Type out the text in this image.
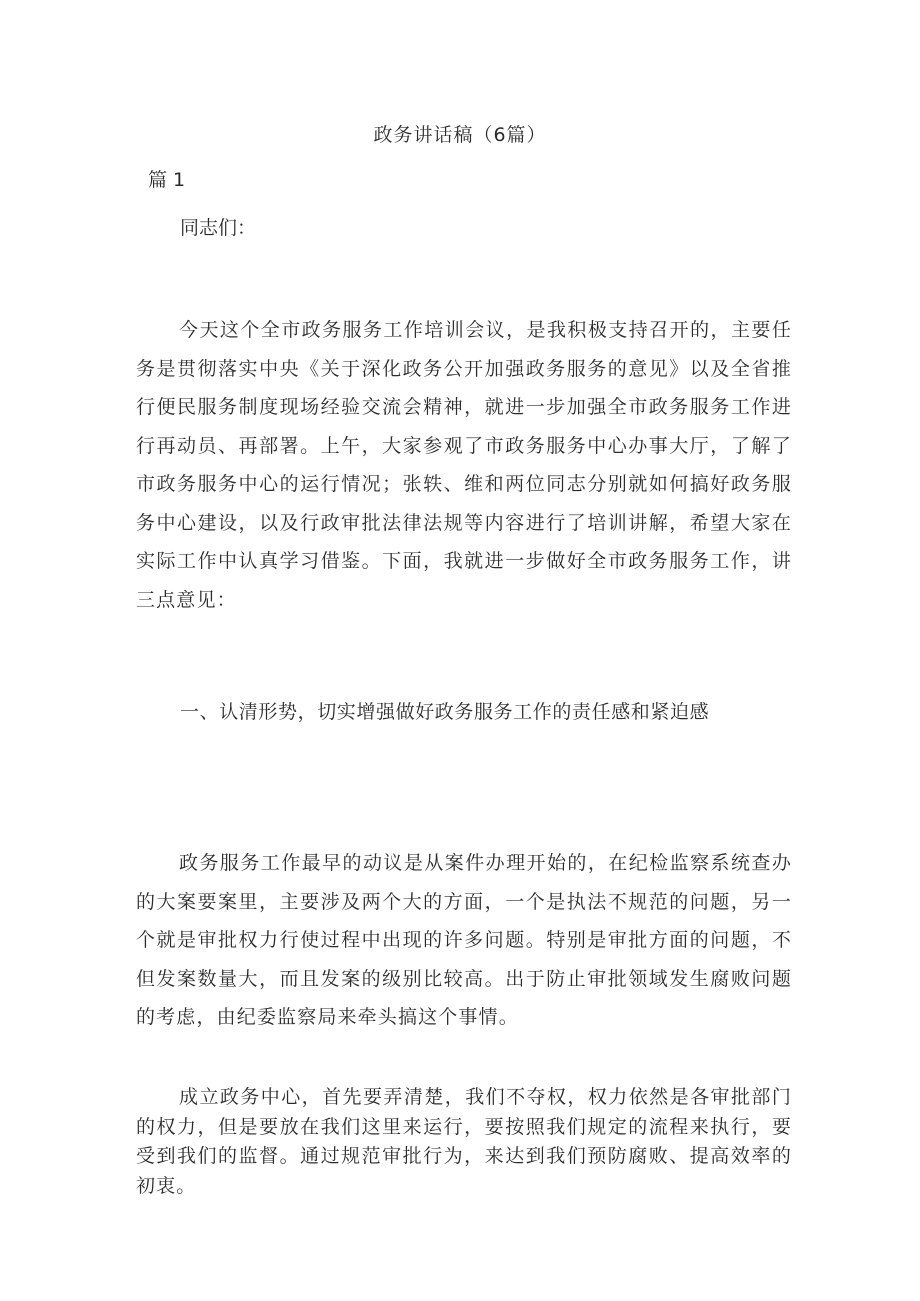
政务讲话稿（6篇）
篇 1
同志们：

今天这个全市政务服务工作培训会议，是我积极支持召开的，主要任务是贯彻落实中央《关于深化政务公开加强政务服务的意见》以及全省推行便民服务制度现场经验交流会精神，就进一步加强全市政务服务工作进行再动员、再部署。上午，大家参观了市政务服务中心办事大厅，了解了市政务服务中心的运行情况；张轶、维和两位同志分别就如何搞好政务服务中心建设，以及行政审批法律法规等内容进行了培训讲解，希望大家在实际工作中认真学习借鉴。下面，我就进一步做好全市政务服务工作，讲三点意见：

一、认清形势，切实增强做好政务服务工作的责任感和紧迫感

政务服务工作最早的动议是从案件办理开始的，在纪检监察系统查办的大案要案里，主要涉及两个大的方面，一个是执法不规范的问题，另一个就是审批权力行使过程中出现的许多问题。特别是审批方面的问题，不但发案数量大，而且发案的级别比较高。出于防止审批领域发生腐败问题的考虑，由纪委监察局来牵头搞这个事情。

成立政务中心，首先要弄清楚，我们不夺权，权力依然是各审批部门的权力，但是要放在我们这里来运行，要按照我们规定的流程来执行，要受到我们的监督。通过规范审批行为，来达到我们预防腐败、提高效率的初衷。
